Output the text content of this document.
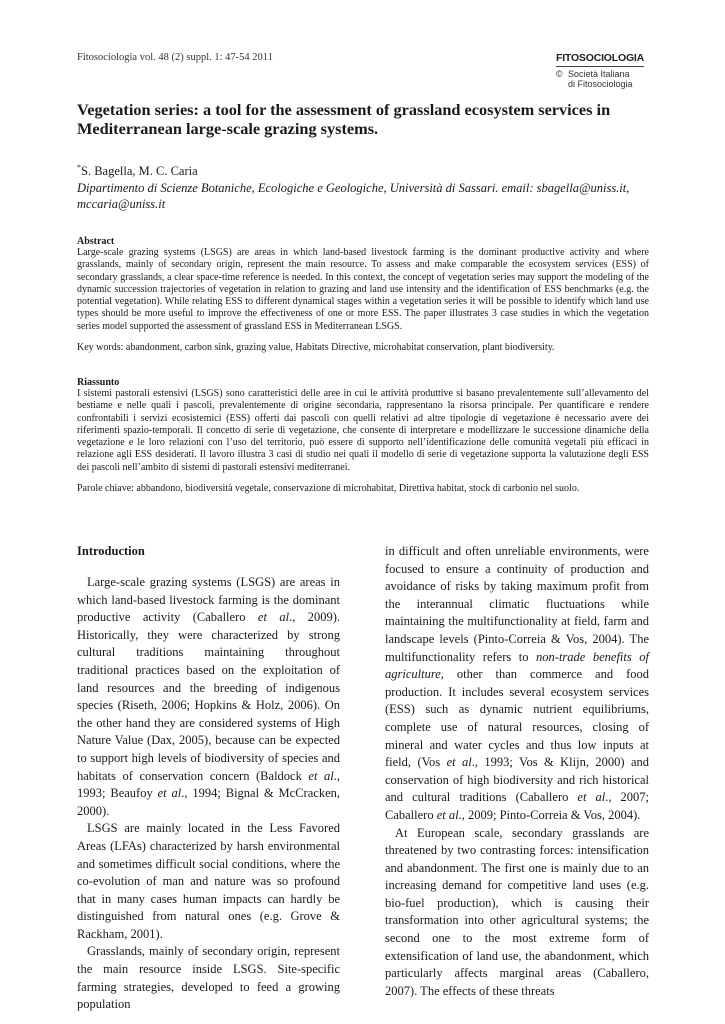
Fitosociologia vol. 48 (2) suppl. 1: 47-54 2011	FITOSOCIOLOGIA
© Società Italiana
di Fitosociologia
Vegetation series: a tool for the assessment of grassland ecosystem services in Mediterranean large-scale grazing systems.
*S. Bagella, M. C. Caria
Dipartimento di Scienze Botaniche, Ecologiche e Geologiche, Università di Sassari. email: sbagella@uniss.it, mccaria@uniss.it
Abstract
Large-scale grazing systems (LSGS) are areas in which land-based livestock farming is the dominant productive activity and where grasslands, mainly of secondary origin, represent the main resource. To assess and make comparable the ecosystem services (ESS) of secondary grasslands, a clear space-time reference is needed. In this context, the concept of vegetation series may support the modeling of the dynamic succession trajectories of vegetation in relation to grazing and land use intensity and the identification of ESS benchmarks (e.g. the potential vegetation). While relating ESS to different dynamical stages within a vegetation series it will be possible to identify which land use types should be more useful to improve the effectiveness of one or more ESS. The paper illustrates 3 case studies in which the vegetation series model supported the assessment of grassland ESS in Mediterranean LSGS.
Key words: abandonment, carbon sink, grazing value, Habitats Directive, microhabitat conservation, plant biodiversity.
Riassunto
I sistemi pastorali estensivi (LSGS) sono caratteristici delle aree in cui le attività produttive si basano prevalentemente sull’allevamento del bestiame e nelle quali i pascoli, prevalentemente di origine secondaria, rappresentano la risorsa principale. Per quantificare e rendere confrontabili i servizi ecosistemici (ESS) offerti dai pascoli con quelli relativi ad altre tipologie di vegetazione è necessario avere dei riferimenti spazio-temporali. Il concetto di serie di vegetazione, che consente di interpretare e modellizzare le successione dinamiche della vegetazione e le loro relazioni con l’uso del territorio, può essere di supporto nell’identificazione delle comunità vegetali più efficaci in relazione agli ESS desiderati. Il lavoro illustra 3 casi di studio nei quali il modello di serie di vegetazione supporta la valutazione degli ESS dei pascoli nell’ambito di sistemi di pastorali estensivi mediterranei.
Parole chiave: abbandono, biodiversità vegetale, conservazione di microhabitat, Direttiva habitat, stock di carbonio nel suolo.
Introduction

Large-scale grazing systems (LSGS) are areas in which land-based livestock farming is the dominant productive activity (Caballero et al., 2009). Historically, they were characterized by strong cultural traditions maintaining throughout traditional practices based on the exploitation of land resources and the breeding of indigenous species (Riseth, 2006; Hopkins & Holz, 2006). On the other hand they are considered systems of High Nature Value (Dax, 2005), because can be expected to support high levels of biodiversity of species and habitats of conservation concern (Baldock et al., 1993; Beaufoy et al., 1994; Bignal & McCracken, 2000).

LSGS are mainly located in the Less Favored Areas (LFAs) characterized by harsh environmental and sometimes difficult social conditions, where the co-evolution of man and nature was so profound that in many cases human impacts can hardly be distinguished from natural ones (e.g. Grove & Rackham, 2001).

Grasslands, mainly of secondary origin, represent the main resource inside LSGS. Site-specific farming strategies, developed to feed a growing population

in difficult and often unreliable environments, were focused to ensure a continuity of production and avoidance of risks by taking maximum profit from the interannual climatic fluctuations while maintaining the multifunctionality at field, farm and landscape levels (Pinto-Correia & Vos, 2004). The multifunctionality refers to non-trade benefits of agriculture, other than commerce and food production. It includes several ecosystem services (ESS) such as dynamic nutrient equilibriums, complete use of natural resources, closing of mineral and water cycles and thus low inputs at field, (Vos et al., 1993; Vos & Klijn, 2000) and conservation of high biodiversity and rich historical and cultural traditions (Caballero et al., 2007; Caballero et al., 2009; Pinto-Correia & Vos, 2004).

At European scale, secondary grasslands are threatened by two contrasting forces: intensification and abandonment. The first one is mainly due to an increasing demand for competitive land uses (e.g. bio-fuel production), which is causing their transformation into other agricultural systems; the second one to the most extreme form of extensification of land use, the abandonment, which particularly affects marginal areas (Caballero, 2007). The effects of these threats
